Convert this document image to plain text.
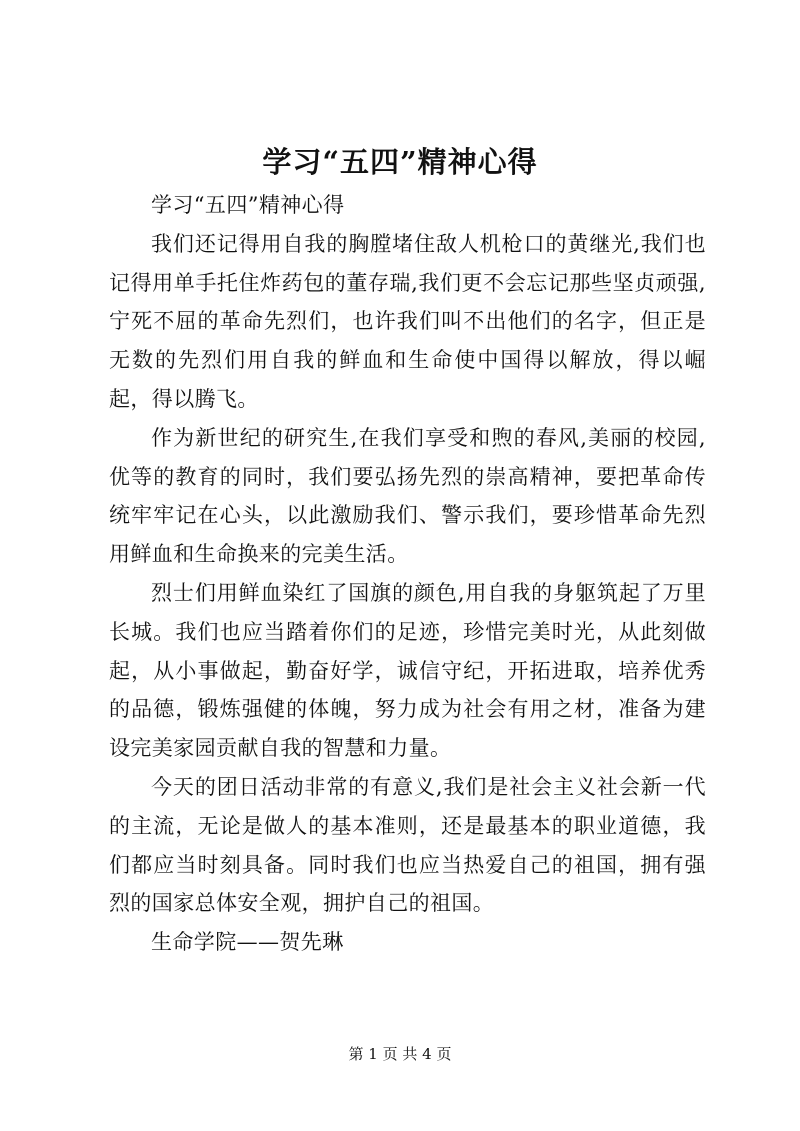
学习“五四”精神心得

学习“五四”精神心得

我们还记得用自我的胸膛堵住敌人机枪口的黄继光,我们也记得用单手托住炸药包的董存瑞,我们更不会忘记那些坚贞顽强,宁死不屈的革命先烈们，也许我们叫不出他们的名字，但正是无数的先烈们用自我的鲜血和生命使中国得以解放，得以崛起，得以腾飞。

作为新世纪的研究生,在我们享受和煦的春风,美丽的校园,优等的教育的同时，我们要弘扬先烈的崇高精神，要把革命传统牢牢记在心头，以此激励我们、警示我们，要珍惜革命先烈用鲜血和生命换来的完美生活。

烈士们用鲜血染红了国旗的颜色,用自我的身躯筑起了万里长城。我们也应当踏着你们的足迹，珍惜完美时光，从此刻做起，从小事做起，勤奋好学，诚信守纪，开拓进取，培养优秀的品德，锻炼强健的体魄，努力成为社会有用之材，准备为建设完美家园贡献自我的智慧和力量。

今天的团日活动非常的有意义,我们是社会主义社会新一代的主流，无论是做人的基本准则，还是最基本的职业道德，我们都应当时刻具备。同时我们也应当热爱自己的祖国，拥有强烈的国家总体安全观，拥护自己的祖国。

生命学院——贺先琳

第 1 页 共 4 页
